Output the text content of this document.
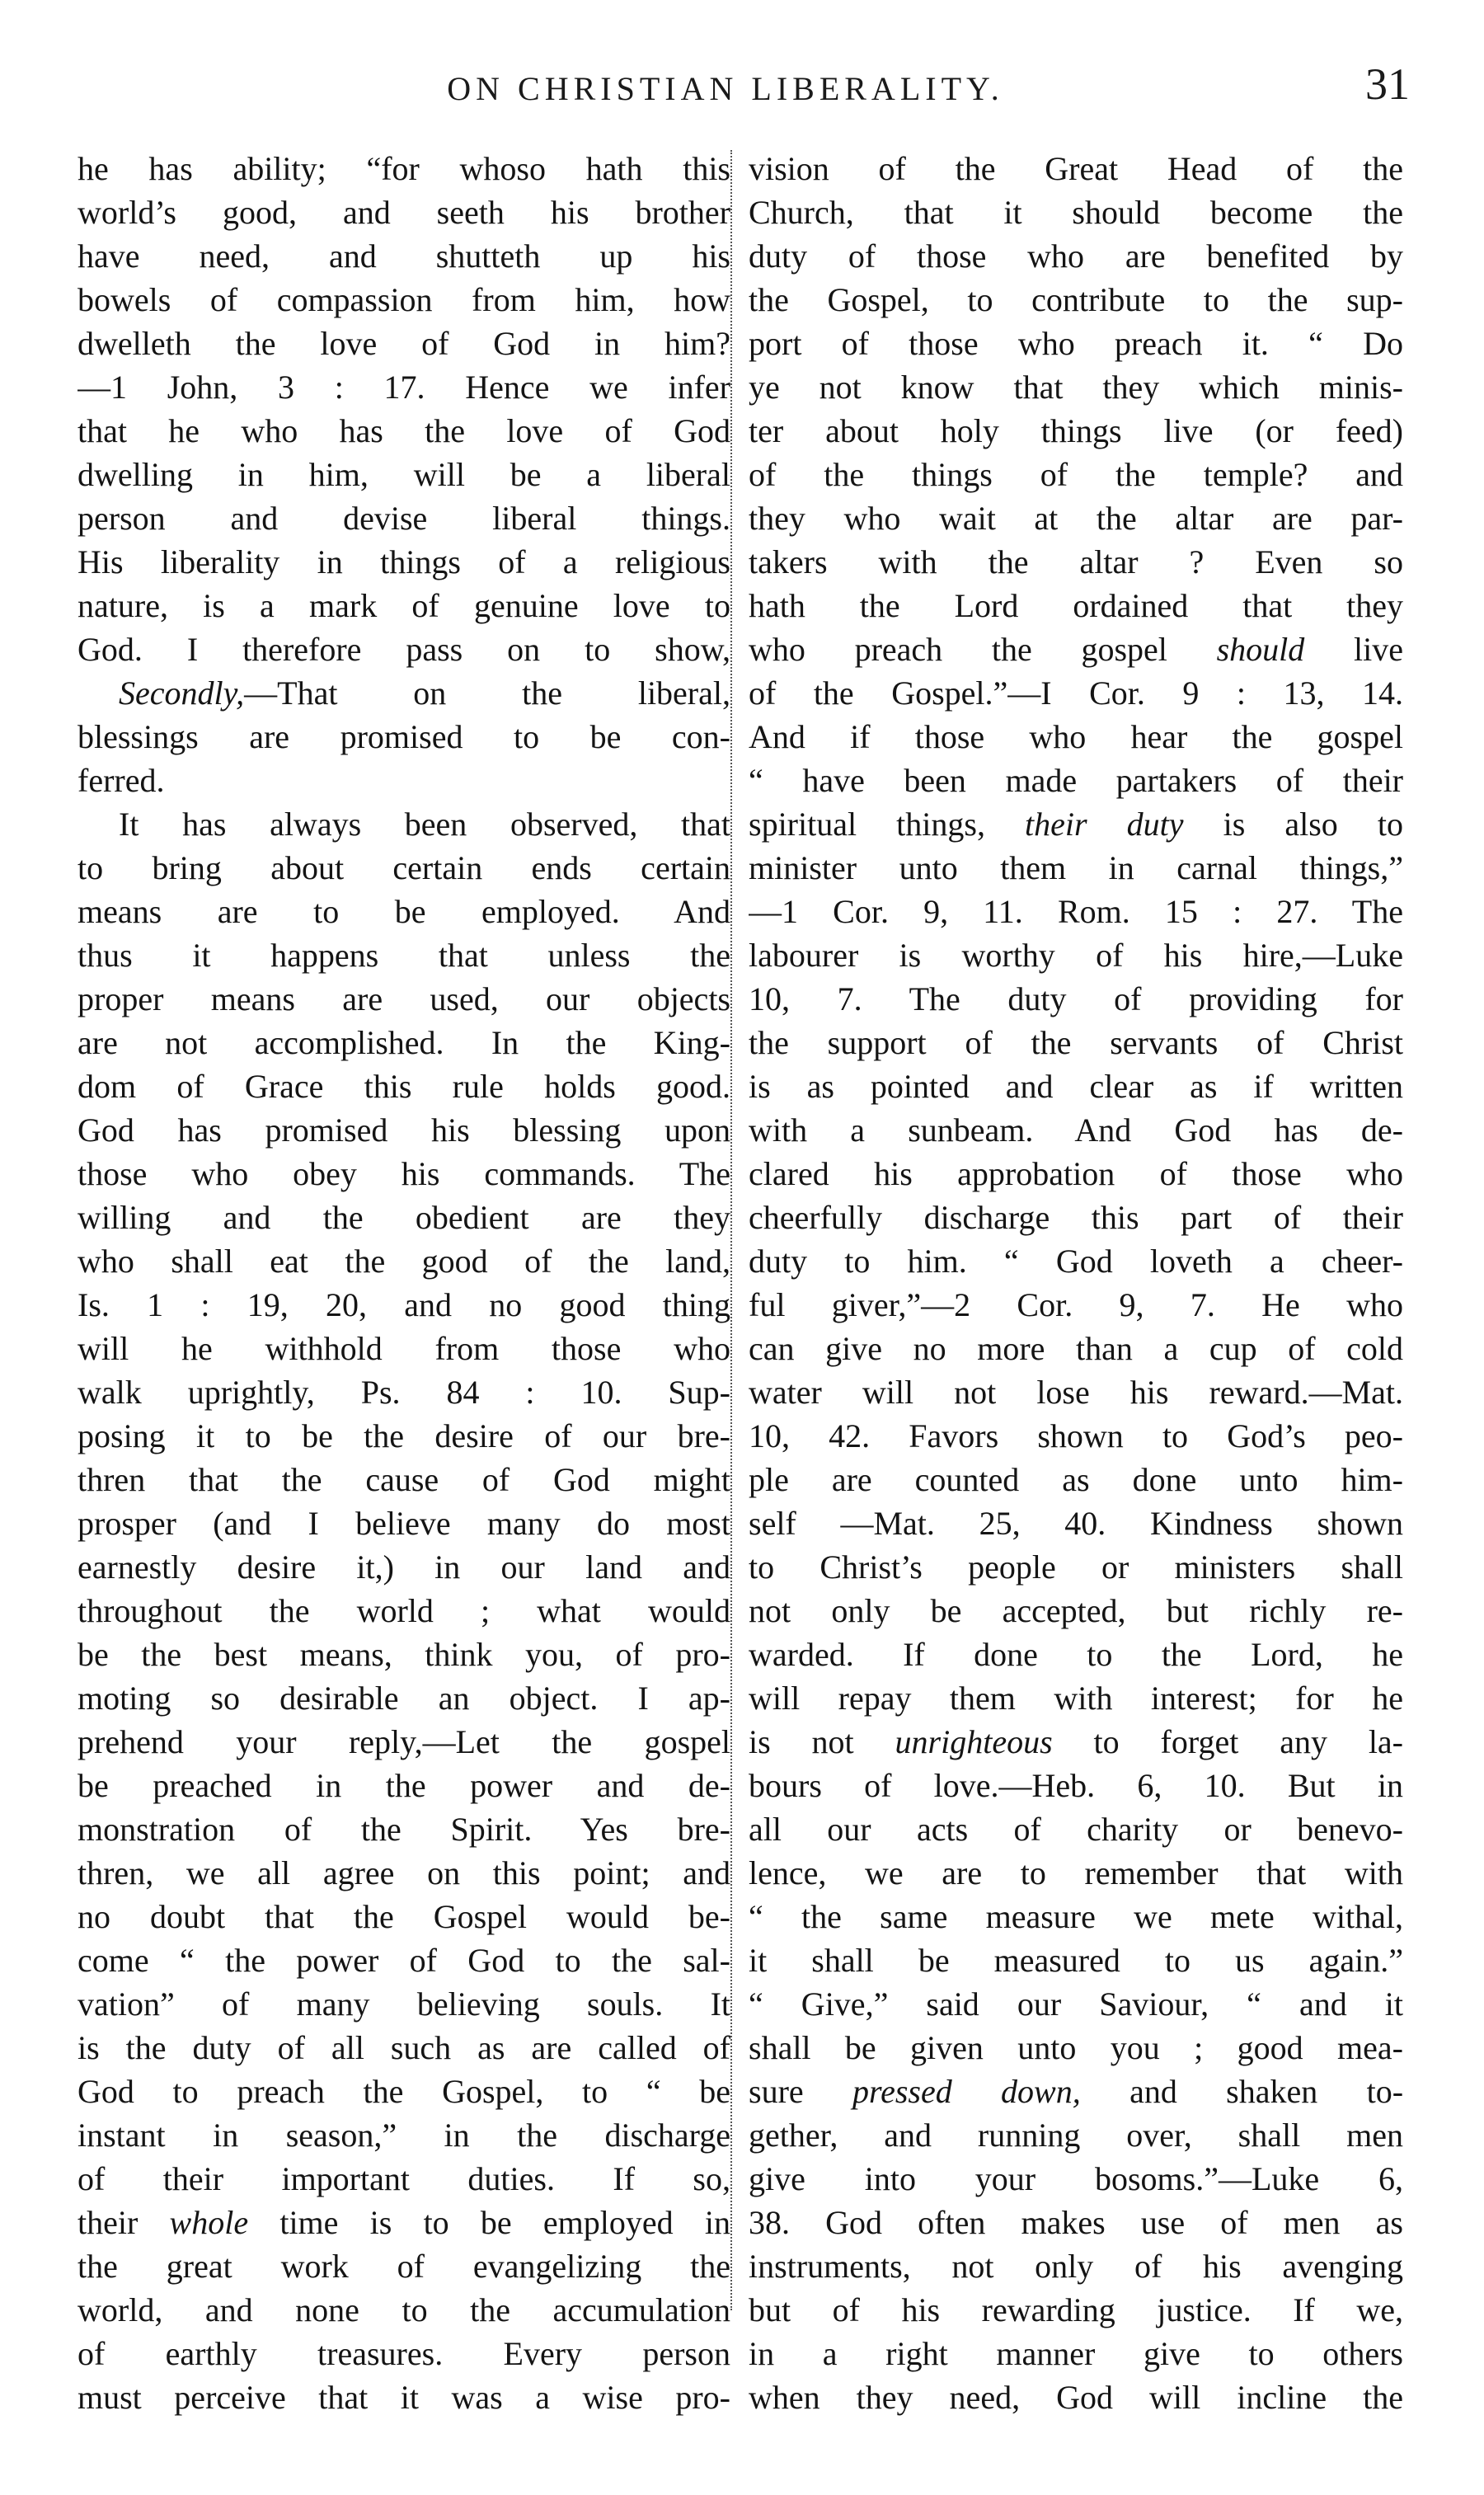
ON CHRISTIAN LIBERALITY.	31
he has ability; “for whoso hath this
world’s good, and seeth his brother
have need, and shutteth up his
bowels of compassion from him, how
dwelleth the love of God in him?
—1 John, 3 : 17. Hence we infer
that he who has the love of God
dwelling in him, will be a liberal
person and devise liberal things.
His liberality in things of a religious
nature, is a mark of genuine love to
God. I therefore pass on to show,
Secondly,—That on the liberal,
blessings are promised to be con-
ferred.
It has always been observed, that
to bring about certain ends certain
means are to be employed. And
thus it happens that unless the
proper means are used, our objects
are not accomplished. In the King-
dom of Grace this rule holds good.
God has promised his blessing upon
those who obey his commands. The
willing and the obedient are they
who shall eat the good of the land,
Is. 1 : 19, 20, and no good thing
will he withhold from those who
walk uprightly, Ps. 84 : 10. Sup-
posing it to be the desire of our bre-
thren that the cause of God might
prosper (and I believe many do most
earnestly desire it,) in our land and
throughout the world ; what would
be the best means, think you, of pro-
moting so desirable an object. I ap-
prehend your reply,—Let the gospel
be preached in the power and de-
monstration of the Spirit. Yes bre-
thren, we all agree on this point; and
no doubt that the Gospel would be-
come “ the power of God to the sal-
vation” of many believing souls. It
is the duty of all such as are called of
God to preach the Gospel, to “ be
instant in season,” in the discharge
of their important duties. If so,
their whole time is to be employed in
the great work of evangelizing the
world, and none to the accumulation
of earthly treasures. Every person
must perceive that it was a wise pro-
vision of the Great Head of the
Church, that it should become the
duty of those who are benefited by
the Gospel, to contribute to the sup-
port of those who preach it. “ Do
ye not know that they which minis-
ter about holy things live (or feed)
of the things of the temple? and
they who wait at the altar are par-
takers with the altar ? Even so
hath the Lord ordained that they
who preach the gospel should live
of the Gospel.”—I Cor. 9 : 13, 14.
And if those who hear the gospel
“ have been made partakers of their
spiritual things, their duty is also to
minister unto them in carnal things,”
—1 Cor. 9, 11. Rom. 15 : 27. The
labourer is worthy of his hire,—Luke
10, 7. The duty of providing for
the support of the servants of Christ
is as pointed and clear as if written
with a sunbeam. And God has de-
clared his approbation of those who
cheerfully discharge this part of their
duty to him. “ God loveth a cheer-
ful giver,”—2 Cor. 9, 7. He who
can give no more than a cup of cold
water will not lose his reward.—Mat.
10, 42. Favors shown to God’s peo-
ple are counted as done unto him-
self —Mat. 25, 40. Kindness shown
to Christ’s people or ministers shall
not only be accepted, but richly re-
warded. If done to the Lord, he
will repay them with interest; for he
is not unrighteous to forget any la-
bours of love.—Heb. 6, 10. But in
all our acts of charity or benevo-
lence, we are to remember that with
“ the same measure we mete withal,
it shall be measured to us again.”
“ Give,” said our Saviour, “ and it
shall be given unto you ; good mea-
sure pressed down, and shaken to-
gether, and running over, shall men
give into your bosoms.”—Luke 6,
38. God often makes use of men as
instruments, not only of his avenging
but of his rewarding justice. If we,
in a right manner give to others
when they need, God will incline the
